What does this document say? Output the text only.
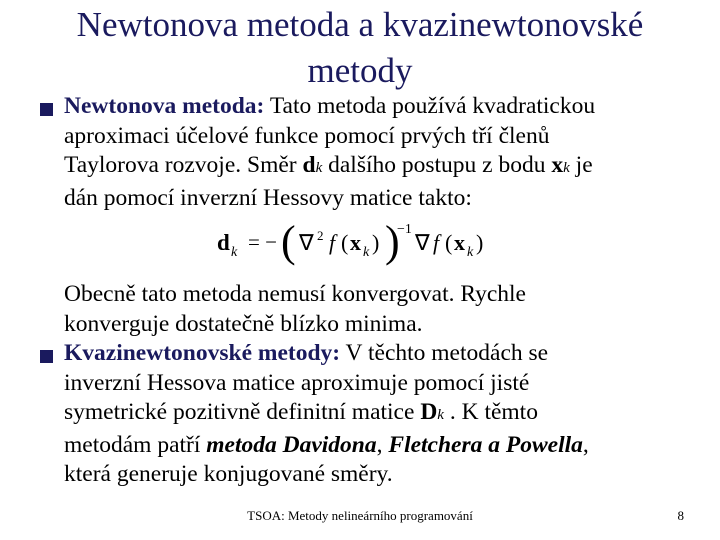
Newtonova metoda a kvazinewtonovské
metody
Newtonova metoda: Tato metoda používá kvadratickou
aproximaci účelové funkce pomocí prvých tří členů
Taylorova rozvoje. Směr dk dalšího postupu z bodu xk je
dán pomocí inverzní Hessovy matice takto:
d k = − ( ∇ 2 f ( x k ) )
−1
∇ f ( x k )
Obecně tato metoda nemusí konvergovat. Rychle
konverguje dostatečně blízko minima.
Kvazinewtonovské metody: V těchto metodách se
inverzní Hessova matice aproximuje pomocí jisté
symetrické pozitivně definitní matice Dk . K těmto
metodám patří metoda Davidona, Fletchera a Powella,
která generuje konjugované směry.
TSOA: Metody nelineárního programování	8
